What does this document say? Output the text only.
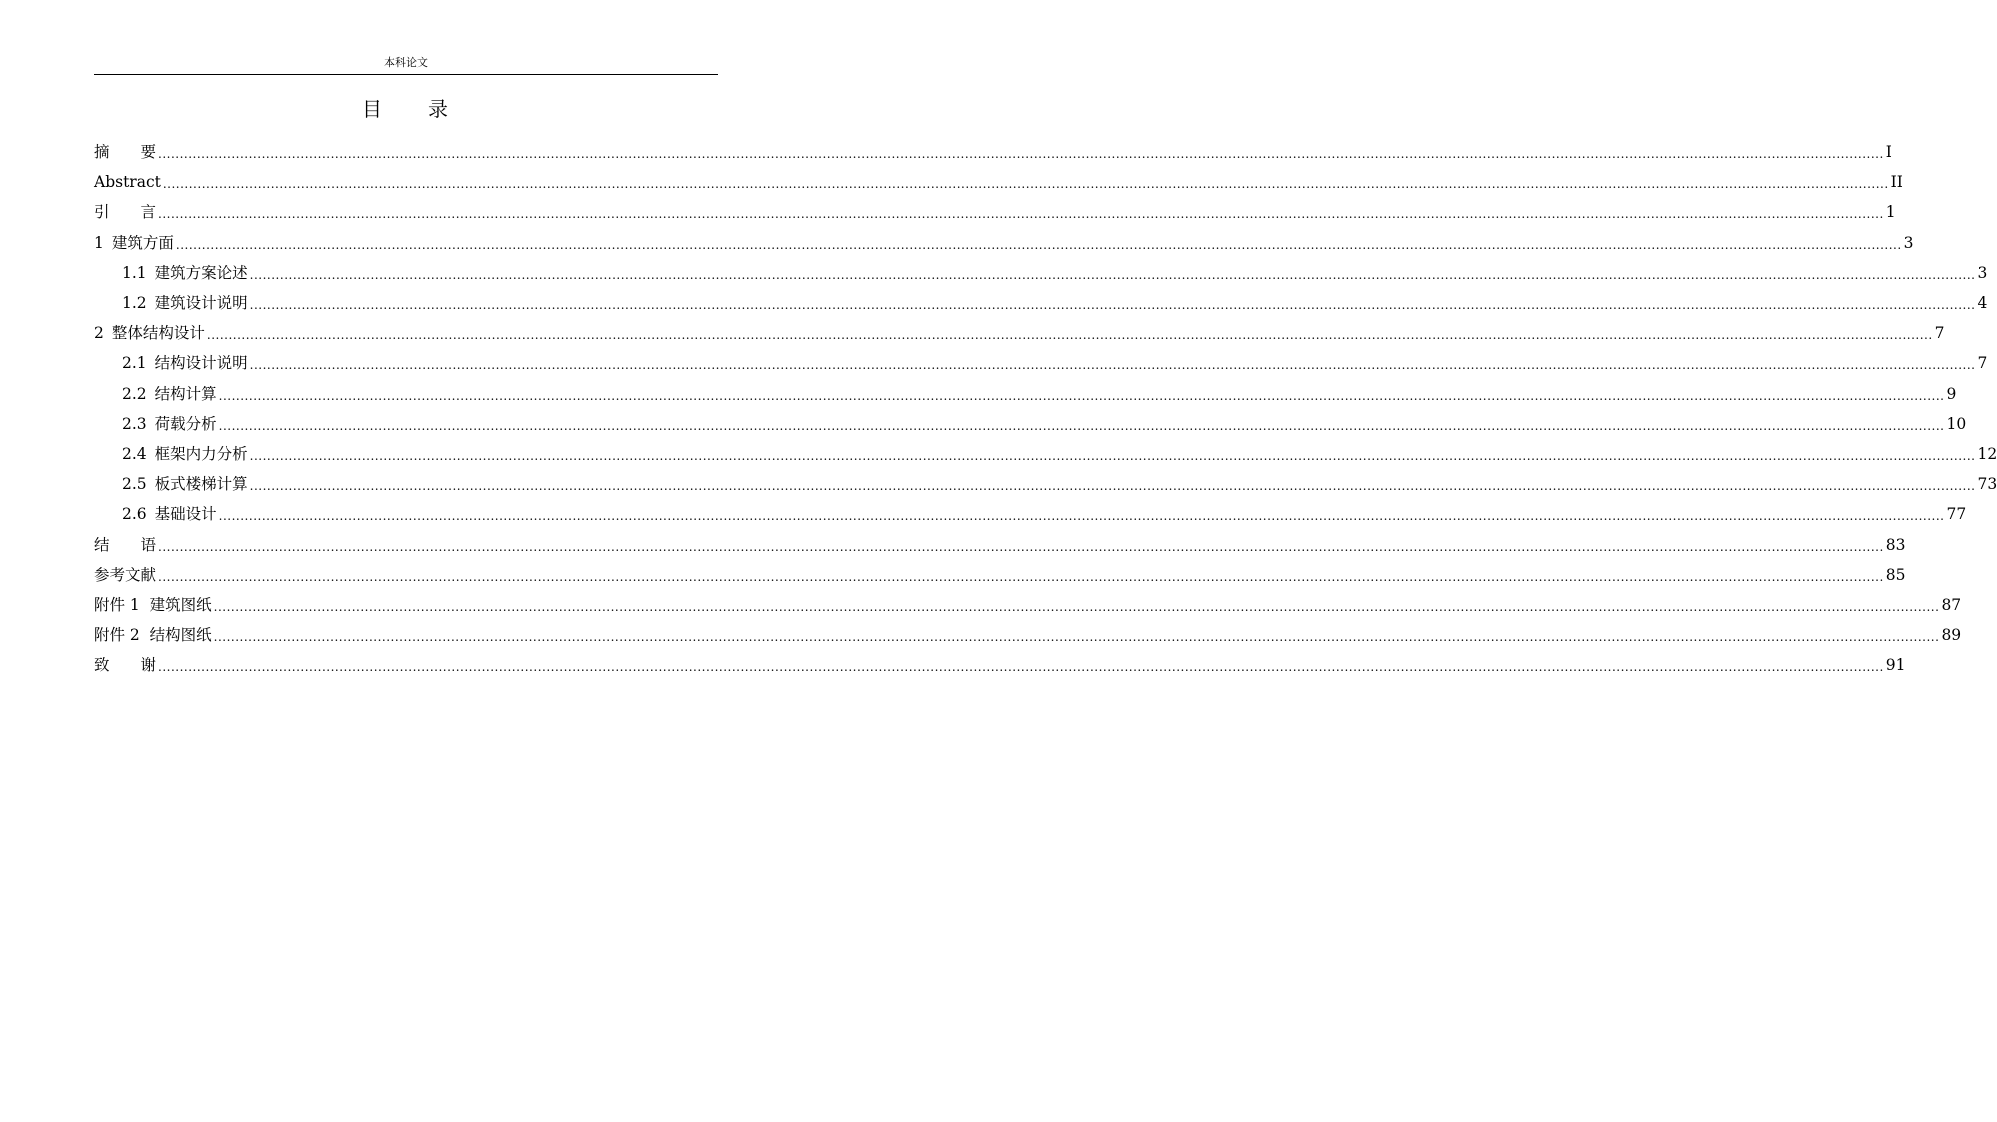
本科论文
目　　录
摘　　要 ................................................................................................................................................................................................................................................................................................................................................................................................................ I
Abstract ................................................................................................................................................................................................................................................................................................................................................................................................................ II
引　　言 ................................................................................................................................................................................................................................................................................................................................................................................................................ 1
1 建筑方面 ................................................................................................................................................................................................................................................................................................................................................................................................................ 3
1.1 建筑方案论述 ................................................................................................................................................................................................................................................................................................................................................................................................................ 3
1.2 建筑设计说明 ................................................................................................................................................................................................................................................................................................................................................................................................................ 4
2 整体结构设计 ................................................................................................................................................................................................................................................................................................................................................................................................................ 7
2.1 结构设计说明 ................................................................................................................................................................................................................................................................................................................................................................................................................ 7
2.2 结构计算 ................................................................................................................................................................................................................................................................................................................................................................................................................ 9
2.3 荷载分析 ................................................................................................................................................................................................................................................................................................................................................................................................................ 10
2.4 框架内力分析 ................................................................................................................................................................................................................................................................................................................................................................................................................ 12
2.5 板式楼梯计算 ................................................................................................................................................................................................................................................................................................................................................................................................................ 73
2.6 基础设计 ................................................................................................................................................................................................................................................................................................................................................................................................................ 77
结　　语 ................................................................................................................................................................................................................................................................................................................................................................................................................ 83
参考文献 ................................................................................................................................................................................................................................................................................................................................................................................................................ 85
附件 1  建筑图纸 ................................................................................................................................................................................................................................................................................................................................................................................................................ 87
附件 2  结构图纸 ................................................................................................................................................................................................................................................................................................................................................................................................................ 89
致　　谢 ................................................................................................................................................................................................................................................................................................................................................................................................................ 91
